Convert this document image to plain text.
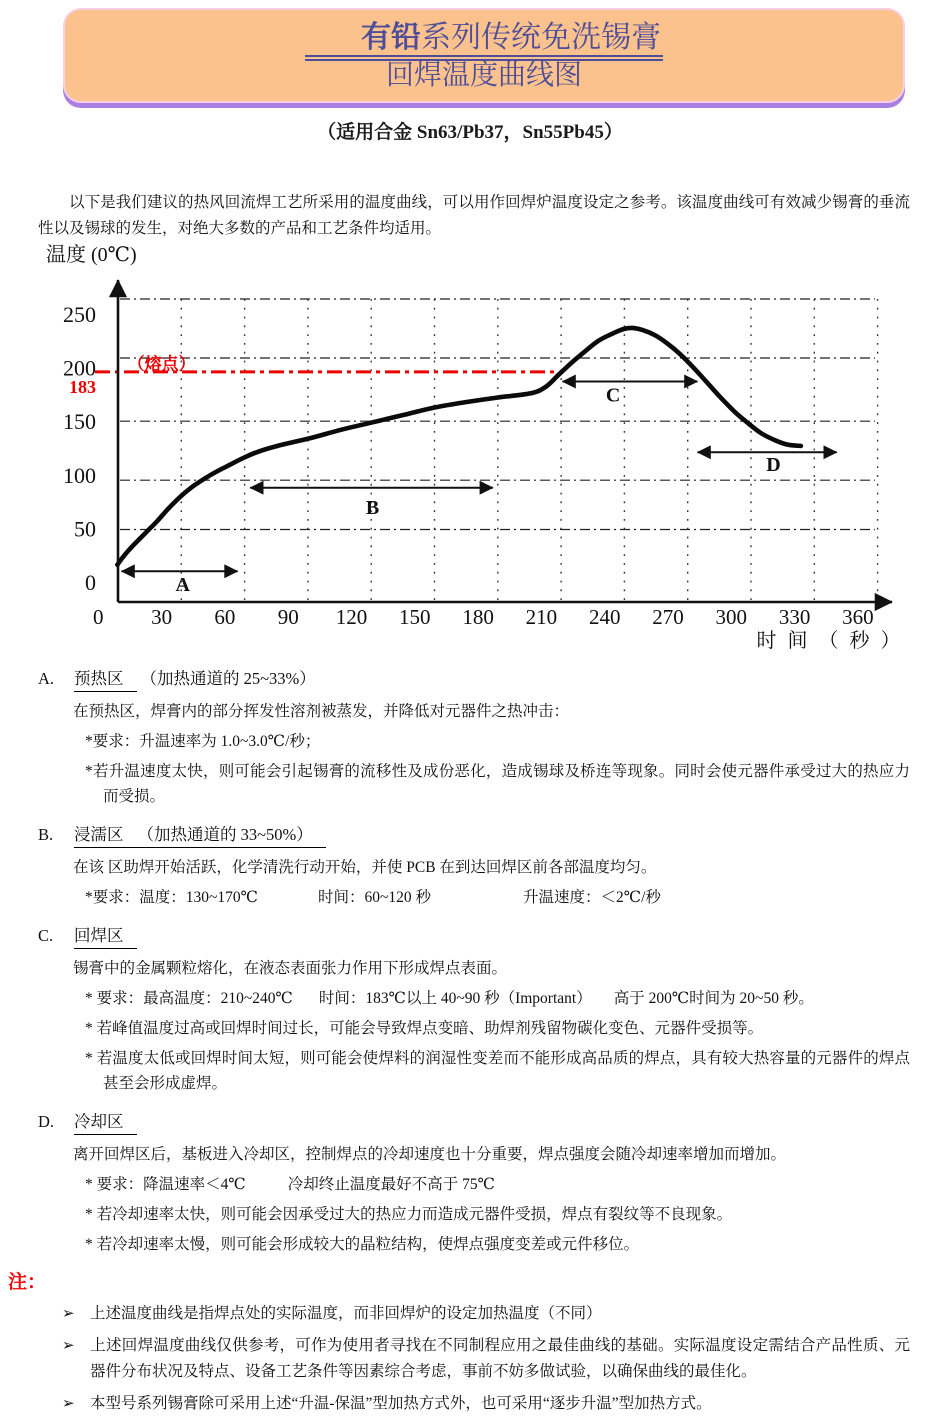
有铅系列传统免洗锡膏
回焊温度曲线图
（适用合金 Sn63/Pb37，Sn55Pb45）

以下是我们建议的热风回流焊工艺所采用的温度曲线，可以用作回焊炉温度设定之参考。该温度曲线可有效减少锡膏的垂流性以及锡球的发生，对绝大多数的产品和工艺条件均适用。

A
B
C
D
250
200
150
100
50
0
183
（熔点）
0 30 60 90 120 150 180 210 240 270 300 330 360
温度 (0℃)
时 间 （ 秒 ）

A. 预热区 （加热通道的 25~33%）

在预热区，焊膏内的部分挥发性溶剂被蒸发，并降低对元器件之热冲击：

*要求：升温速率为 1.0~3.0℃/秒；

*若升温速度太快，则可能会引起锡膏的流移性及成份恶化，造成锡球及桥连等现象。同时会使元器件承受过大的热应力而受损。

B. 浸濡区 （加热通道的 33~50%）

在该 区助焊开始活跃，化学清洗行动开始，并使 PCB 在到达回焊区前各部温度均匀。

*要求：温度：130~170℃	时间：60~120 秒	升温速度：＜2℃/秒

C. 回焊区

锡膏中的金属颗粒熔化，在液态表面张力作用下形成焊点表面。

* 要求：最高温度：210~240℃ 时间：183℃以上 40~90 秒（Important） 高于 200℃时间为 20~50 秒。

* 若峰值温度过高或回焊时间过长，可能会导致焊点变暗、助焊剂残留物碳化变色、元器件受损等。

* 若温度太低或回焊时间太短，则可能会使焊料的润湿性变差而不能形成高品质的焊点，具有较大热容量的元器件的焊点甚至会形成虚焊。

D. 冷却区

离开回焊区后，基板进入冷却区，控制焊点的冷却速度也十分重要，焊点强度会随冷却速率增加而增加。

* 要求：降温速率＜4℃	冷却终止温度最好不高于 75℃

* 若冷却速率太快，则可能会因承受过大的热应力而造成元器件受损，焊点有裂纹等不良现象。

* 若冷却速率太慢，则可能会形成较大的晶粒结构，使焊点强度变差或元件移位。

注：
➢ 上述温度曲线是指焊点处的实际温度，而非回焊炉的设定加热温度（不同）
➢ 上述回焊温度曲线仅供参考，可作为使用者寻找在不同制程应用之最佳曲线的基础。实际温度设定需结合产品性质、元器件分布状况及特点、设备工艺条件等因素综合考虑，事前不妨多做试验，以确保曲线的最佳化。
➢ 本型号系列锡膏除可采用上述“升温-保温”型加热方式外，也可采用“逐步升温”型加热方式。
